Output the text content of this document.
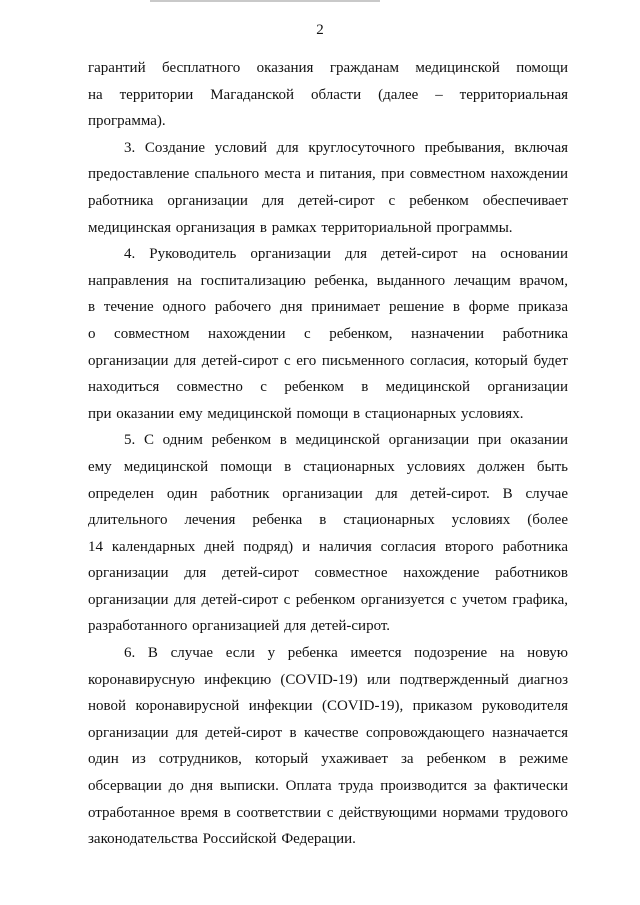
2
гарантий бесплатного оказания гражданам медицинской помощи
на территории Магаданской области (далее – территориальная
программа).
3. Создание условий для круглосуточного пребывания, включая
предоставление спального места и питания, при совместном нахождении
работника организации для детей-сирот с ребенком обеспечивает
медицинская организация в рамках территориальной программы.
4. Руководитель организации для детей-сирот на основании
направления на госпитализацию ребенка, выданного лечащим врачом,
в течение одного рабочего дня принимает решение в форме приказа
о совместном нахождении с ребенком, назначении работника
организации для детей-сирот с его письменного согласия, который будет
находиться совместно с ребенком в медицинской организации
при оказании ему медицинской помощи в стационарных условиях.
5. С одним ребенком в медицинской организации при оказании
ему медицинской помощи в стационарных условиях должен быть
определен один работник организации для детей-сирот. В случае
длительного лечения ребенка в стационарных условиях (более
14 календарных дней подряд) и наличия согласия второго работника
организации для детей-сирот совместное нахождение работников
организации для детей-сирот с ребенком организуется с учетом графика,
разработанного организацией для детей-сирот.
6. В случае если у ребенка имеется подозрение на новую
коронавирусную инфекцию (COVID-19) или подтвержденный диагноз
новой коронавирусной инфекции (COVID-19), приказом руководителя
организации для детей-сирот в качестве сопровождающего назначается
один из сотрудников, который ухаживает за ребенком в режиме
обсервации до дня выписки. Оплата труда производится за фактически
отработанное время в соответствии с действующими нормами трудового
законодательства Российской Федерации.
